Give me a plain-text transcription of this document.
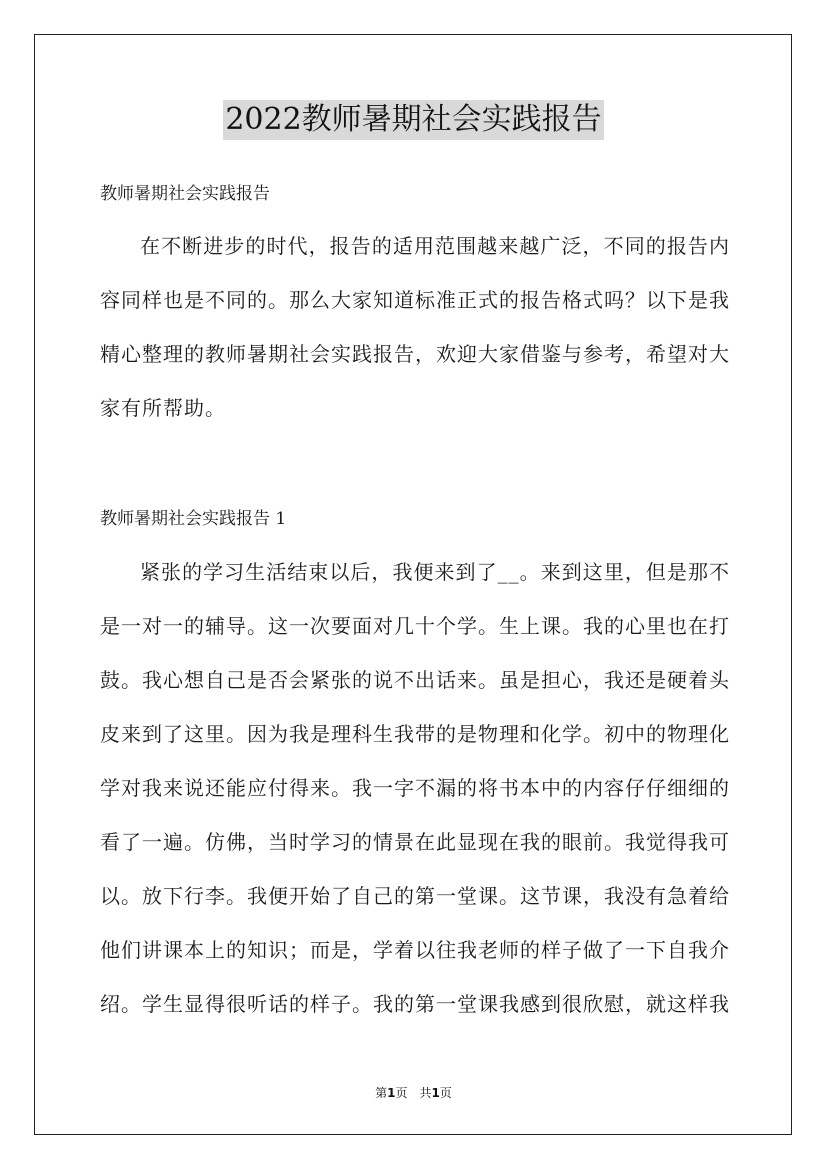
2022教师暑期社会实践报告
教师暑期社会实践报告

在不断进步的时代，报告的适用范围越来越广泛，不同的报告内容同样也是不同的。那么大家知道标准正式的报告格式吗？以下是我精心整理的教师暑期社会实践报告，欢迎大家借鉴与参考，希望对大家有所帮助。

教师暑期社会实践报告 1

紧张的学习生活结束以后，我便来到了__。来到这里，但是那不是一对一的辅导。这一次要面对几十个学。生上课。我的心里也在打鼓。我心想自己是否会紧张的说不出话来。虽是担心，我还是硬着头皮来到了这里。因为我是理科生我带的是物理和化学。初中的物理化学对我来说还能应付得来。我一字不漏的将书本中的内容仔仔细细的看了一遍。仿佛，当时学习的情景在此显现在我的眼前。我觉得我可以。放下行李。我便开始了自己的第一堂课。这节课，我没有急着给他们讲课本上的知识；而是，学着以往我老师的样子做了一下自我介绍。学生显得很听话的样子。我的第一堂课我感到很欣慰，就这样我

第1页　共1页
